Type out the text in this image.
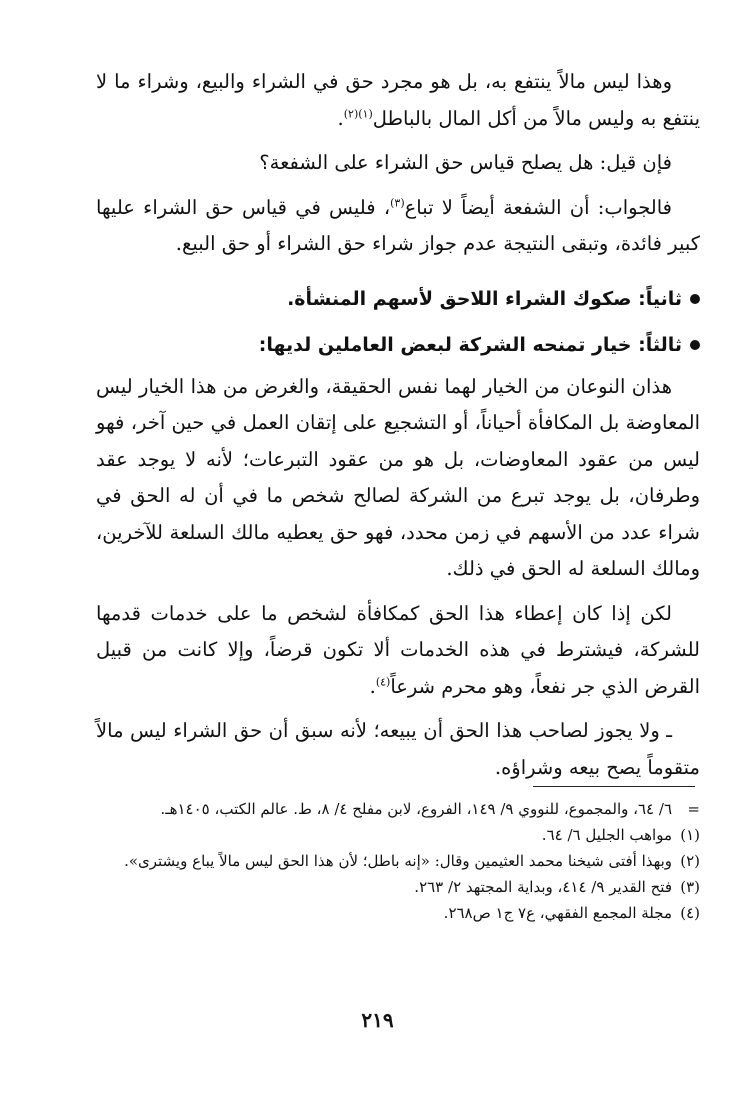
وهذا ليس مالاً ينتفع به، بل هو مجرد حق في الشراء والبيع، وشراء ما لا ينتفع به وليس مالاً من أكل المال بالباطل$^{(١)(٢)}$.

فإن قيل: هل يصلح قياس حق الشراء على الشفعة؟

فالجواب: أن الشفعة أيضاً لا تباع$^{(٣)}$، فليس في قياس حق الشراء عليها كبير فائدة، وتبقى النتيجة عدم جواز شراء حق الشراء أو حق البيع.

ثانياً: صكوك الشراء اللاحق لأسهم المنشأة.
ثالثاً: خيار تمنحه الشركة لبعض العاملين لديها:

هذان النوعان من الخيار لهما نفس الحقيقة، والغرض من هذا الخيار ليس المعاوضة بل المكافأة أحياناً، أو التشجيع على إتقان العمل في حين آخر، فهو ليس من عقود المعاوضات، بل هو من عقود التبرعات؛ لأنه لا يوجد عقد وطرفان، بل يوجد تبرع من الشركة لصالح شخص ما في أن له الحق في شراء عدد من الأسهم في زمن محدد، فهو حق يعطيه مالك السلعة للآخرين، ومالك السلعة له الحق في ذلك.

لكن إذا كان إعطاء هذا الحق كمكافأة لشخص ما على خدمات قدمها للشركة، فيشترط في هذه الخدمات ألا تكون قرضاً، وإلا كانت من قبيل القرض الذي جر نفعاً، وهو محرم شرعاً$^{(٤)}$.

ـ ولا يجوز لصاحب هذا الحق أن يبيعه؛ لأنه سبق أن حق الشراء ليس مالاً متقوماً يصح بيعه وشراؤه.

=
٦/ ٦٤، والمجموع، للنووي ٩/ ١٤٩، الفروع، لابن مفلح ٤/ ٨، ط. عالم الكتب، ١٤٠٥هـ.
(١)
مواهب الجليل ٦/ ٦٤.
(٢)
وبهذا أفتى شيخنا محمد العثيمين وقال: «إنه باطل؛ لأن هذا الحق ليس مالاً يباع ويشترى».
(٣)
فتح القدير ٩/ ٤١٤، وبداية المجتهد ٢/ ٢٦٣.
(٤)
مجلة المجمع الفقهي، ع٧ ج١ ص٢٦٨.
٢١٩
